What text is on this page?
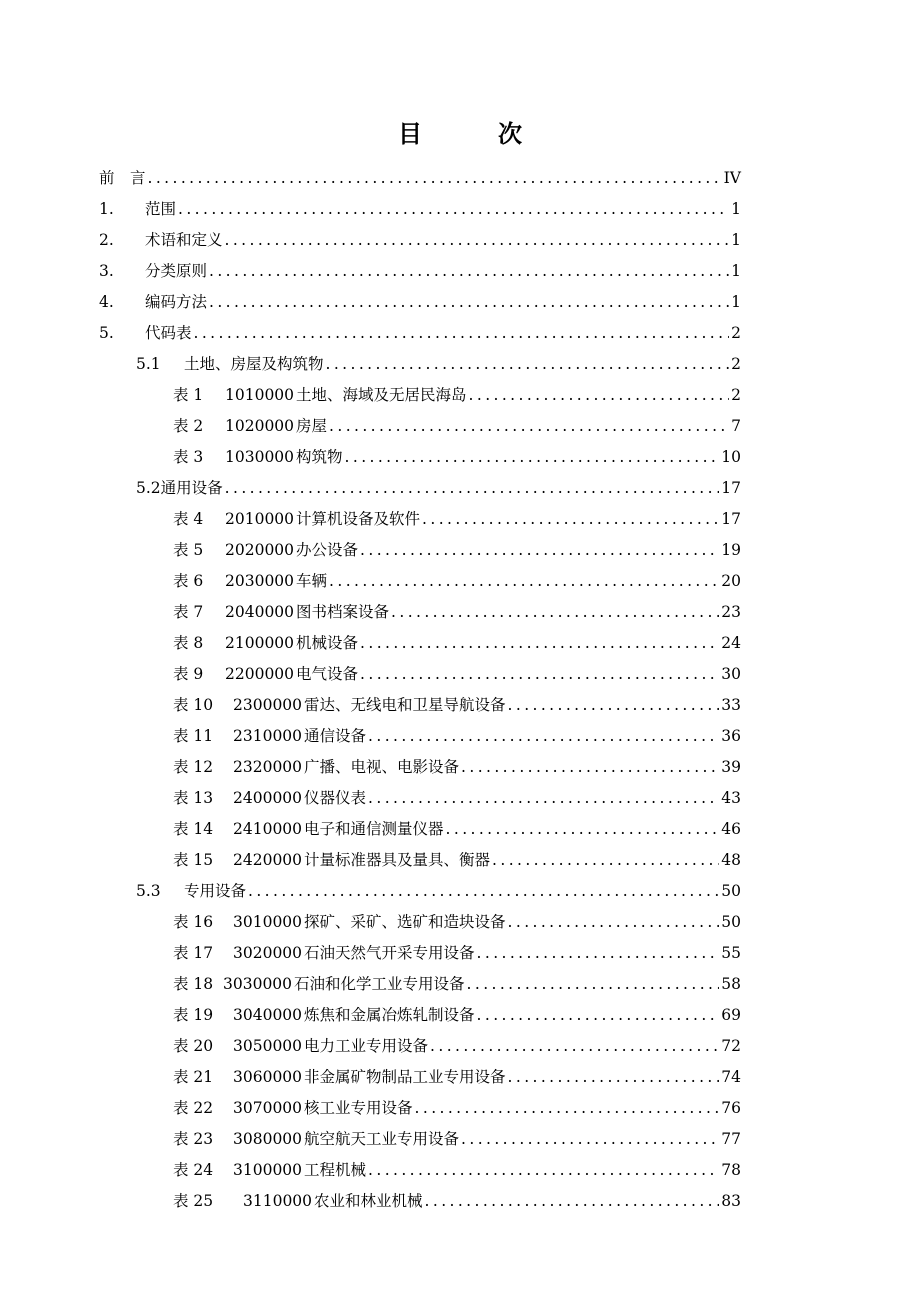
目　次
前　言 .....	IV
1.	范围 .....	1
2.	术语和定义 .....	1
3.	分类原则 .....	1
4.	编码方法 .....	1
5.	代码表 .....	2
5.1	土地、房屋及构筑物 .....	2
表 1	1010000 土地、海域及无居民海岛 .....	2
表 2	1020000 房屋 .....	7
表 3	1030000 构筑物 .....	10
5.2 通用设备 .....	17
表 4	2010000 计算机设备及软件 .....	17
表 5	2020000 办公设备 .....	19
表 6	2030000 车辆 .....	20
表 7	2040000 图书档案设备 .....	23
表 8	2100000 机械设备 .....	24
表 9	2200000 电气设备 .....	30
表 10	2300000 雷达、无线电和卫星导航设备 .....	33
表 11	2310000 通信设备 .....	36
表 12	2320000 广播、电视、电影设备 .....	39
表 13	2400000 仪器仪表 .....	43
表 14	2410000 电子和通信测量仪器 .....	46
表 15	2420000 计量标准器具及量具、衡器 .....	48
5.3	专用设备 .....	50
表 16	3010000 探矿、采矿、选矿和造块设备 .....	50
表 17	3020000 石油天然气开采专用设备 .....	55
表 18 3030000 石油和化学工业专用设备 .....	58
表 19	3040000 炼焦和金属冶炼轧制设备 .....	69
表 20	3050000 电力工业专用设备 .....	72
表 21	3060000 非金属矿物制品工业专用设备 .....	74
表 22	3070000 核工业专用设备 .....	76
表 23	3080000 航空航天工业专用设备 .....	77
表 24	3100000 工程机械 .....	78
表 25	3110000 农业和林业机械 .....	83
